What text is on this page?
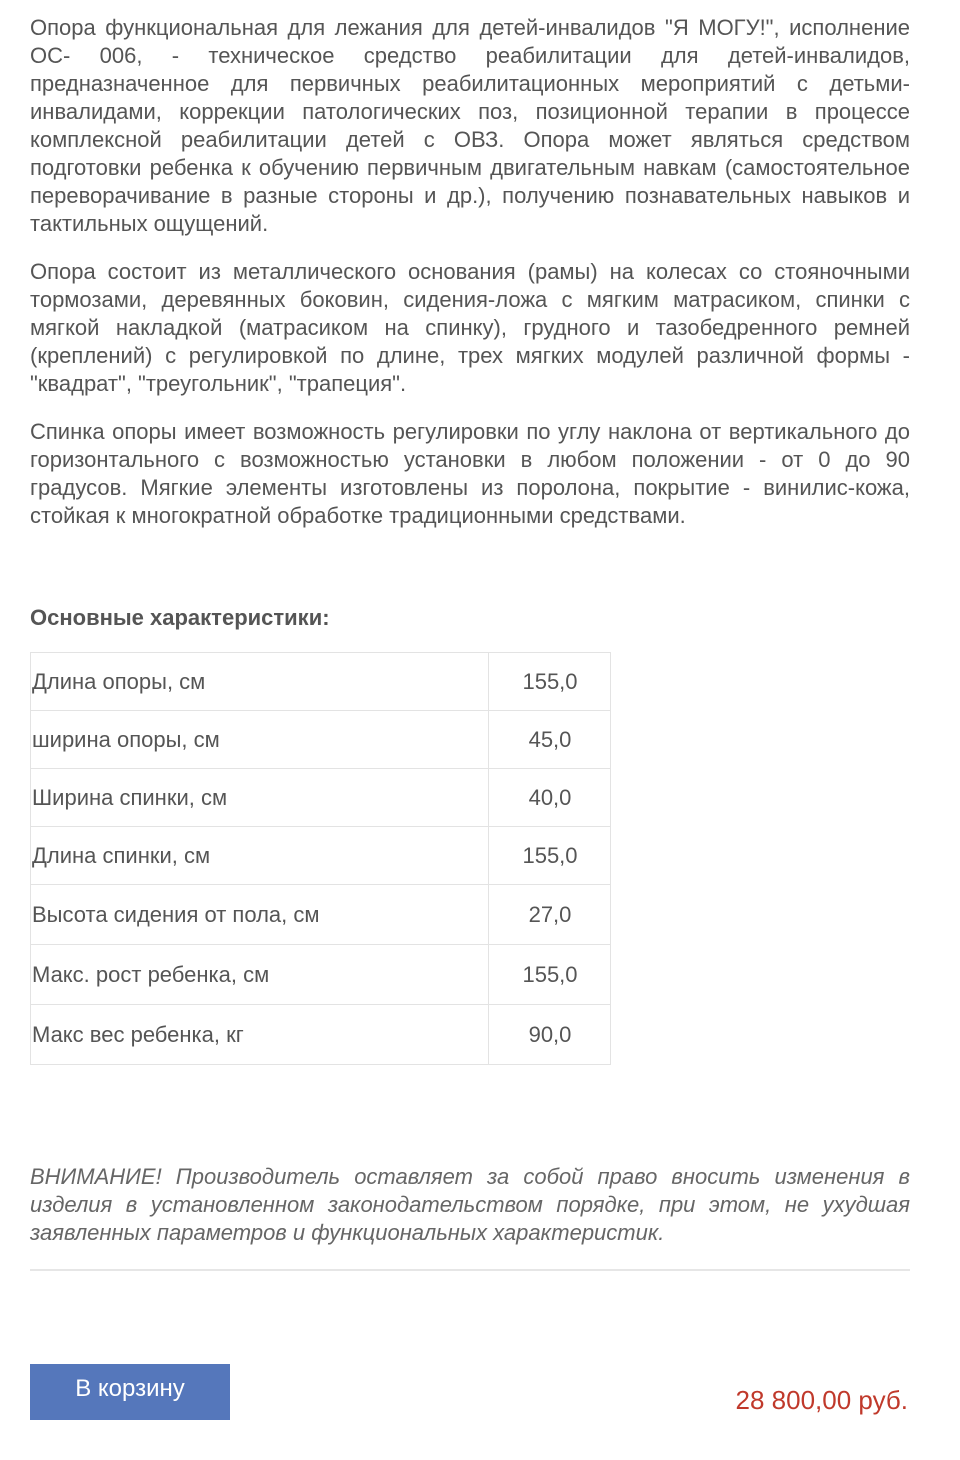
Опора функциональная для лежания для детей-инвалидов "Я МОГУ!", исполнение ОС- 006, - техническое средство реабилитации для детей-инвалидов, предназначенное для первичных реабилитационных мероприятий с детьми-инвалидами, коррекции патологических поз, позиционной терапии в процессе комплексной реабилитации детей с ОВЗ. Опора может являться средством подготовки ребенка к обучению первичным двигательным навкам (самостоятельное переворачивание в разные стороны и др.), получению познавательных навыков и тактильных ощущений.

Опора состоит из металлического основания (рамы) на колесах со стояночными тормозами, деревянных боковин, сидения-ложа с мягким матрасиком, спинки с мягкой накладкой (матрасиком на спинку), грудного и тазобедренного ремней (креплений) с регулировкой по длине, трех мягких модулей различной формы - "квадрат", "треугольник", "трапеция".

Спинка опоры имеет возможность регулировки по углу наклона от вертикального до горизонтального с возможностью установки в любом положении - от 0 до 90 градусов. Мягкие элементы изготовлены из поролона, покрытие - винилис-кожа, стойкая к многократной обработке традиционными средствами.

Основные характеристики:
Длина опоры, см	155,0
ширина опоры, см	45,0
Ширина спинки, см	40,0
Длина спинки, см	155,0
Высота сидения от пола, см	27,0
Макс. рост ребенка, см	155,0
Макс вес ребенка, кг	90,0

ВНИМАНИЕ! Производитель оставляет за собой право вносить изменения в изделия в установленном законодательством порядке, при этом, не ухудшая заявленных параметров и функциональных характеристик.

В корзину	28 800,00 руб.
